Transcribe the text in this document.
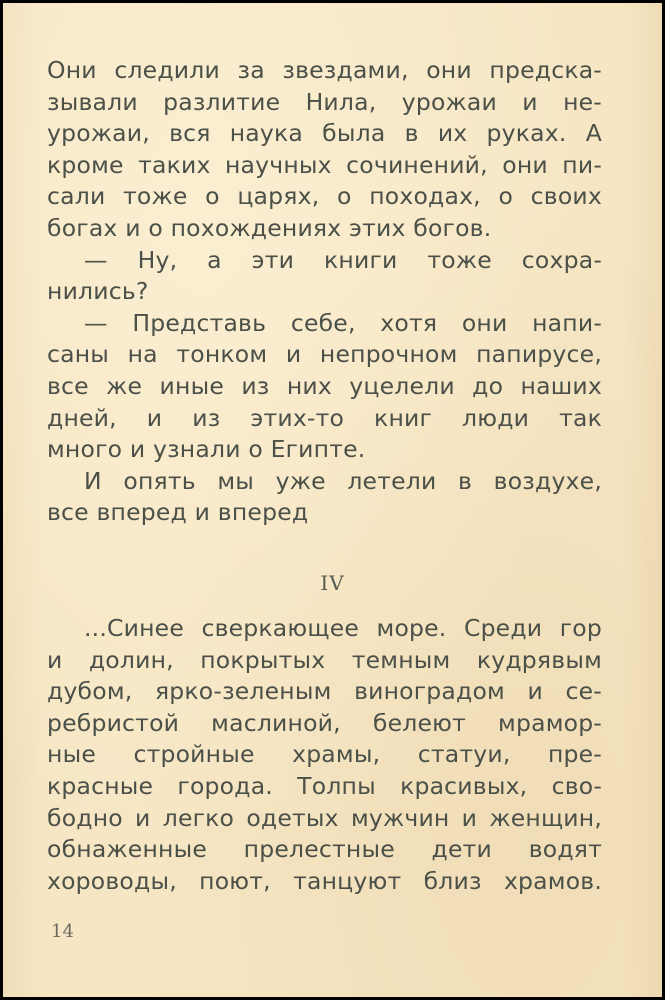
Они следили за звездами, они предска-
зывали разлитие Нила, урожаи и не-
урожаи, вся наука была в их руках. А
кроме таких научных сочинений, они пи-
сали тоже о царях, о походах, о своих
богах и о похождениях этих богов.
— Ну, а эти книги тоже сохра-
нились?
— Представь себе, хотя они напи-
саны на тонком и непрочном папирусе,
все же иные из них уцелели до наших
дней, и из этих-то книг люди так
много и узнали о Египте.
И опять мы уже летели в воздухе,
все вперед и вперед
IV
...Синее сверкающее море. Среди гор
и долин, покрытых темным кудрявым
дубом, ярко-зеленым виноградом и се-
ребристой маслиной, белеют мрамор-
ные стройные храмы, статуи, пре-
красные города. Толпы красивых, сво-
бодно и легко одетых мужчин и женщин,
обнаженные прелестные дети водят
хороводы, поют, танцуют близ храмов.
14
